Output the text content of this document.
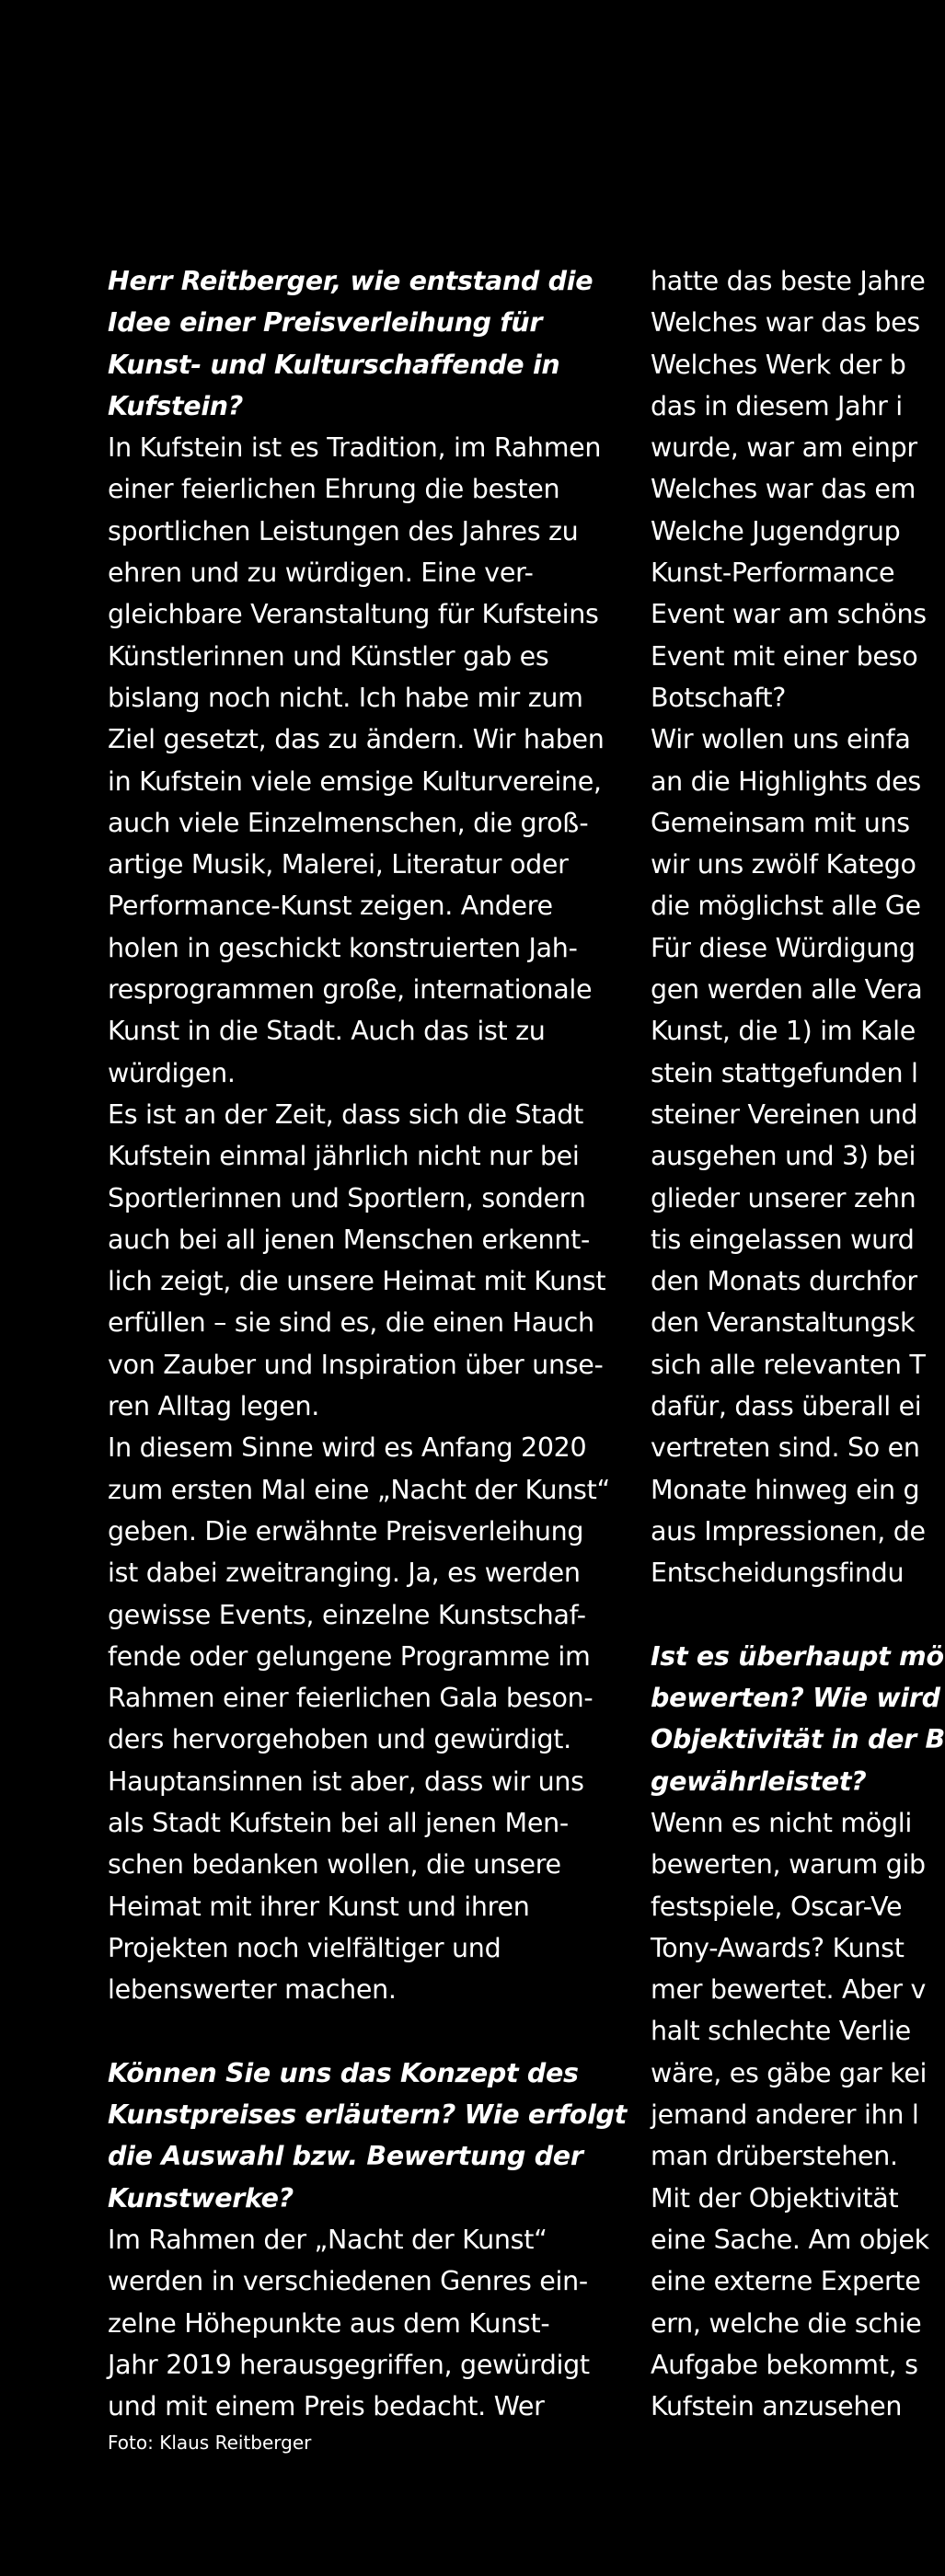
Herr Reitberger, wie entstand die
Idee einer Preisverleihung für
Kunst- und Kulturschaffende in
Kufstein?
In Kufstein ist es Tradition, im Rahmen
einer feierlichen Ehrung die besten
sportlichen Leistungen des Jahres zu
ehren und zu würdigen. Eine ver-
gleichbare Veranstaltung für Kufsteins
Künstlerinnen und Künstler gab es
bislang noch nicht. Ich habe mir zum
Ziel gesetzt, das zu ändern. Wir haben
in Kufstein viele emsige Kulturvereine,
auch viele Einzelmenschen, die groß-
artige Musik, Malerei, Literatur oder
Performance-Kunst zeigen. Andere
holen in geschickt konstruierten Jah-
resprogrammen große, internationale
Kunst in die Stadt. Auch das ist zu
würdigen.
Es ist an der Zeit, dass sich die Stadt
Kufstein einmal jährlich nicht nur bei
Sportlerinnen und Sportlern, sondern
auch bei all jenen Menschen erkennt-
lich zeigt, die unsere Heimat mit Kunst
erfüllen – sie sind es, die einen Hauch
von Zauber und Inspiration über unse-
ren Alltag legen.
In diesem Sinne wird es Anfang 2020
zum ersten Mal eine „Nacht der Kunst“
geben. Die erwähnte Preisverleihung
ist dabei zweitranging. Ja, es werden
gewisse Events, einzelne Kunstschaf-
fende oder gelungene Programme im
Rahmen einer feierlichen Gala beson-
ders hervorgehoben und gewürdigt.
Hauptansinnen ist aber, dass wir uns
als Stadt Kufstein bei all jenen Men-
schen bedanken wollen, die unsere
Heimat mit ihrer Kunst und ihren
Projekten noch vielfältiger und
lebenswerter machen.
Können Sie uns das Konzept des
Kunstpreises erläutern? Wie erfolgt
die Auswahl bzw. Bewertung der
Kunstwerke?
Im Rahmen der „Nacht der Kunst“
werden in verschiedenen Genres ein-
zelne Höhepunkte aus dem Kunst-
Jahr 2019 herausgegriffen, gewürdigt
und mit einem Preis bedacht. Wer
hatte das beste Jahre
Welches war das bes
Welches Werk der b
das in diesem Jahr i
wurde, war am einpr
Welches war das em
Welche Jugendgrup
Kunst-Performance
Event war am schöns
Event mit einer beso
Botschaft?
Wir wollen uns einfa
an die Highlights des
Gemeinsam mit uns
wir uns zwölf Katego
die möglichst alle Ge
Für diese Würdigung
gen werden alle Vera
Kunst, die 1) im Kale
stein stattgefunden l
steiner Vereinen und
ausgehen und 3) bei
glieder unserer zehn
tis eingelassen wurd
den Monats durchfor
den Veranstaltungsk
sich alle relevanten T
dafür, dass überall ei
vertreten sind. So en
Monate hinweg ein g
aus Impressionen, de
Entscheidungsfindu
Ist es überhaupt mö
bewerten? Wie wird
Objektivität in der B
gewährleistet?
Wenn es nicht mögli
bewerten, warum gib
festspiele, Oscar-Ve
Tony-Awards? Kunst
mer bewertet. Aber v
halt schlechte Verlie
wäre, es gäbe gar kei
jemand anderer ihn l
man drüberstehen.
Mit der Objektivität
eine Sache. Am objek
eine externe Experte
ern, welche die schie
Aufgabe bekommt, s
Kufstein anzusehen
Foto: Klaus Reitberger
